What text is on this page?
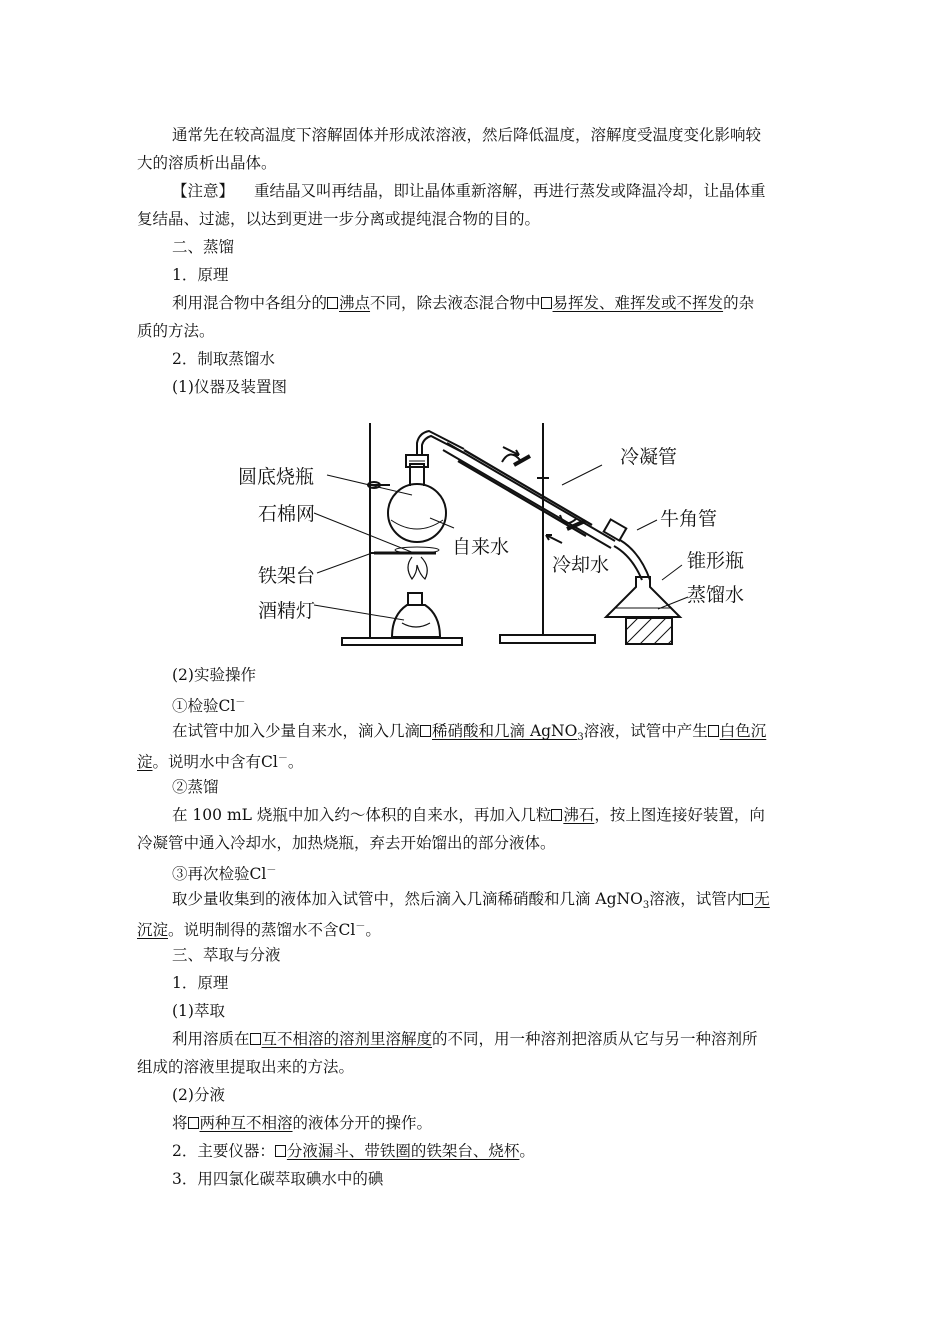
通常先在较高温度下溶解固体并形成浓溶液，然后降低温度，溶解度受温度变化影响较
大的溶质析出晶体。
【注意】 重结晶又叫再结晶，即让晶体重新溶解，再进行蒸发或降温冷却，让晶体重
复结晶、过滤，以达到更进一步分离或提纯混合物的目的。
二、蒸馏
1．原理
利用混合物中各组分的 沸点不同，除去液态混合物中 易挥发、难挥发或不挥发的杂
质的方法。
2．制取蒸馏水
(1)仪器及装置图
圆底烧瓶
石棉网
自来水
铁架台
酒精灯
冷凝管
冷却水
牛角管
锥形瓶
蒸馏水
(2)实验操作
①检验Cl－
在试管中加入少量自来水，滴入几滴 稀硝酸和几滴 AgNO$_3$溶液，试管中产生 白色沉
淀。说明水中含有Cl－。
②蒸馏
在 100 mL 烧瓶中加入约～体积的自来水，再加入几粒 沸石，按上图连接好装置，向
冷凝管中通入冷却水，加热烧瓶，弃去开始馏出的部分液体。
③再次检验Cl－
取少量收集到的液体加入试管中，然后滴入几滴稀硝酸和几滴 AgNO$_3$溶液，试管内 无
沉淀。说明制得的蒸馏水不含Cl－。
三、萃取与分液
1．原理
(1)萃取
利用溶质在 互不相溶的溶剂里溶解度的不同，用一种溶剂把溶质从它与另一种溶剂所
组成的溶液里提取出来的方法。
(2)分液
将 两种互不相溶的液体分开的操作。
2．主要仪器： 分液漏斗、带铁圈的铁架台、烧杯。
3．用四氯化碳萃取碘水中的碘
